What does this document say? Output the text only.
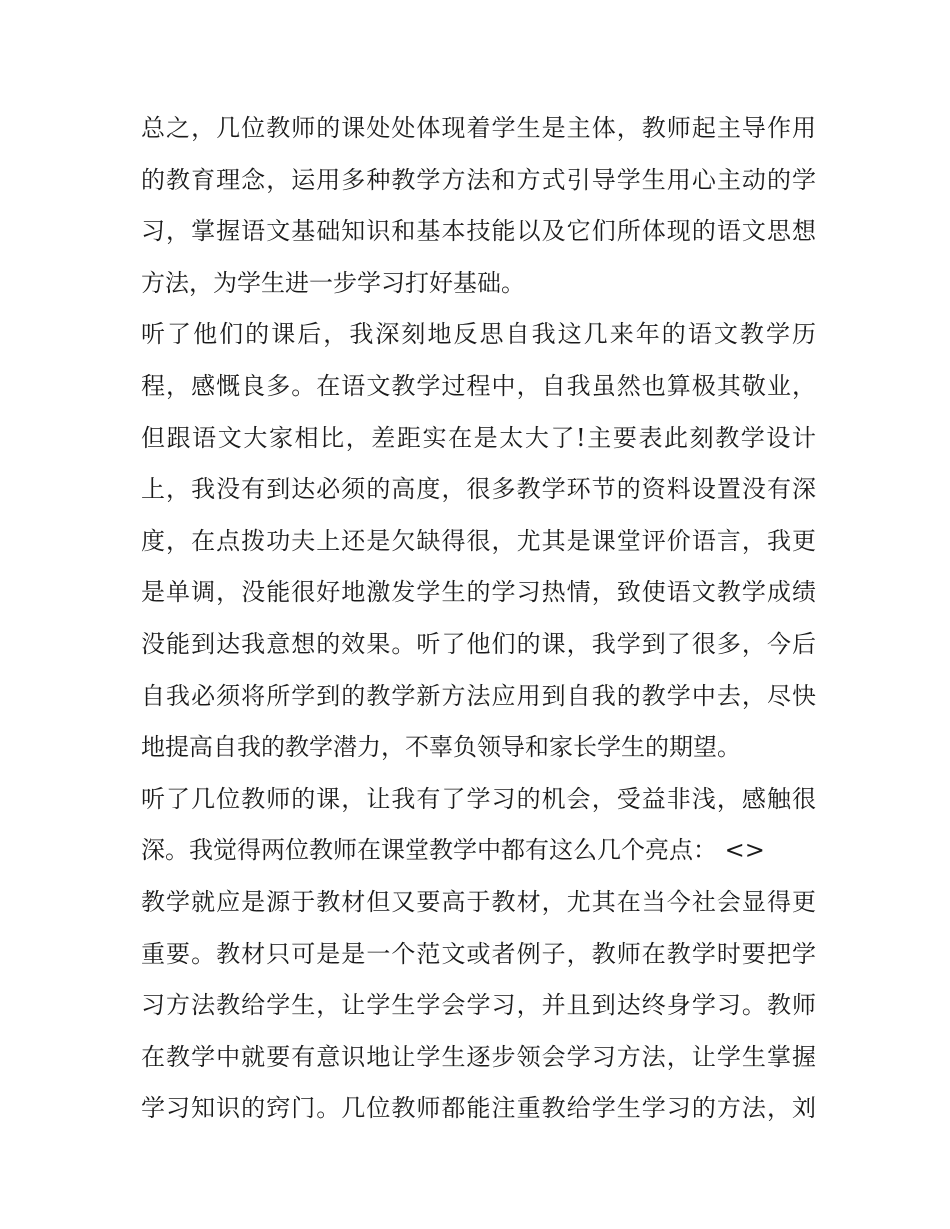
总之，几位教师的课处处体现着学生是主体，教师起主导作用
的教育理念，运用多种教学方法和方式引导学生用心主动的学
习，掌握语文基础知识和基本技能以及它们所体现的语文思想
方法，为学生进一步学习打好基础。
听了他们的课后，我深刻地反思自我这几来年的语文教学历
程，感慨良多。在语文教学过程中，自我虽然也算极其敬业，
但跟语文大家相比，差距实在是太大了!主要表此刻教学设计
上，我没有到达必须的高度，很多教学环节的资料设置没有深
度，在点拨功夫上还是欠缺得很，尤其是课堂评价语言，我更
是单调，没能很好地激发学生的学习热情，致使语文教学成绩
没能到达我意想的效果。听了他们的课，我学到了很多，今后
自我必须将所学到的教学新方法应用到自我的教学中去，尽快
地提高自我的教学潜力，不辜负领导和家长学生的期望。
听了几位教师的课，让我有了学习的机会，受益非浅，感触很
深。我觉得两位教师在课堂教学中都有这么几个亮点： <>
教学就应是源于教材但又要高于教材，尤其在当今社会显得更
重要。教材只可是是一个范文或者例子，教师在教学时要把学
习方法教给学生，让学生学会学习，并且到达终身学习。教师
在教学中就要有意识地让学生逐步领会学习方法，让学生掌握
学习知识的窍门。几位教师都能注重教给学生学习的方法，刘
